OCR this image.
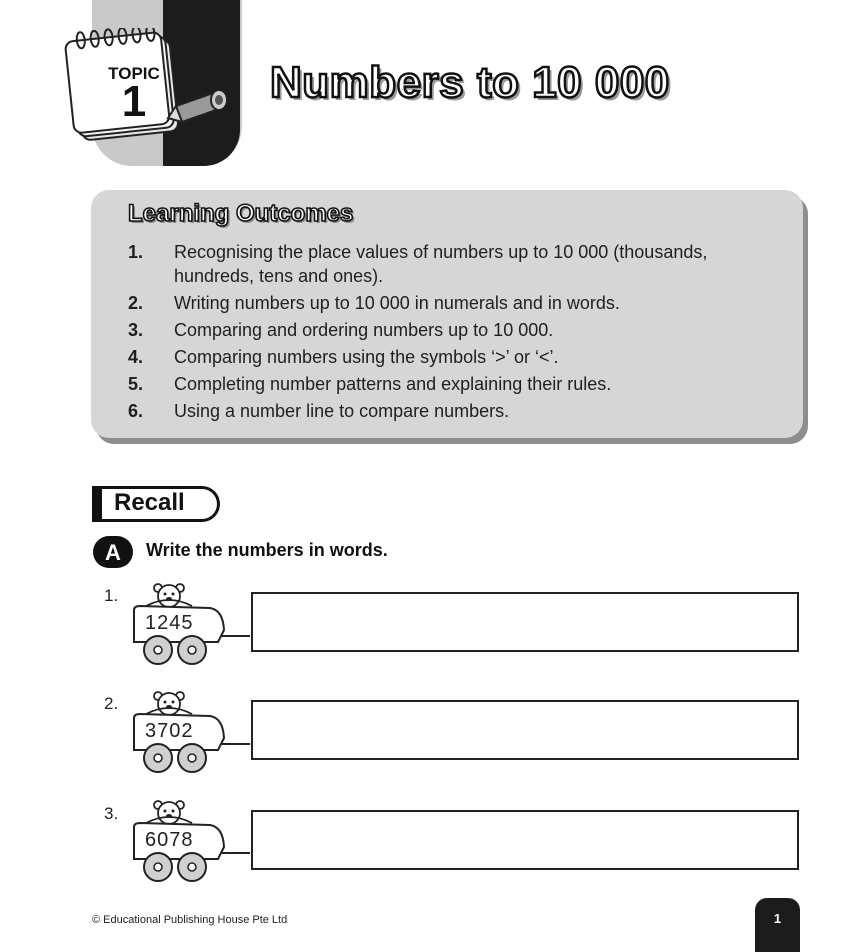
TOPIC
1	Numbers to 10 000
Learning Outcomes
1.	Recognising the place values of numbers up to 10 000 (thousands, hundreds, tens and ones).
2.	Writing numbers up to 10 000 in numerals and in words.
3.	Comparing and ordering numbers up to 10 000.
4.	Comparing numbers using the symbols ‘>’ or ‘<’.
5.	Completing number patterns and explaining their rules.
6.	Using a number line to compare numbers.
Recall
A Write the numbers in words.
1.
1245
2.
3702
3.
6078
© Educational Publishing House Pte Ltd	1
